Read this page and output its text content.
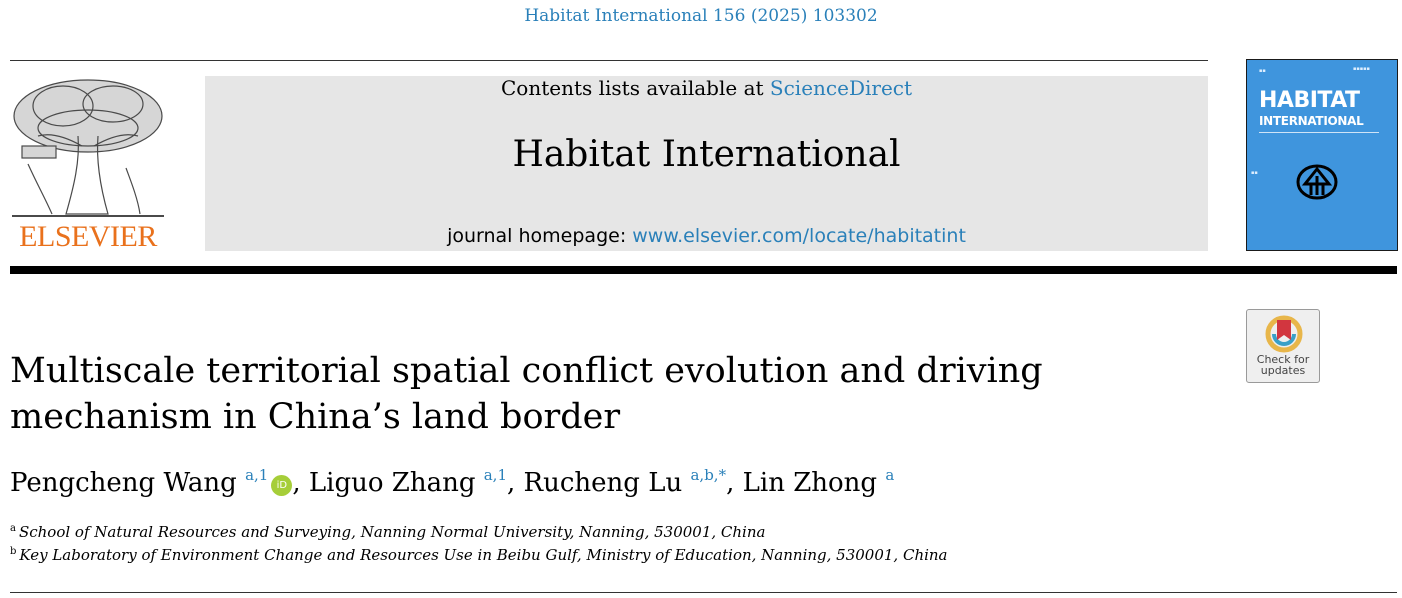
Habitat International 156 (2025) 103302
ELSEVIER
Contents lists available at ScienceDirect
Habitat International
journal homepage: www.elsevier.com/locate/habitatint
▪▪	▪▪▪▪▪
HABITAT
INTERNATIONAL
▪▪
Check for
updates
Multiscale territorial spatial conflict evolution and driving mechanism in China’s land border
Pengcheng Wang $^{a,1}$iD , Liguo Zhang $^{a,1}$, Rucheng Lu $^{a,b,*}$, Lin Zhong $^a$
$^a$ School of Natural Resources and Surveying, Nanning Normal University, Nanning, 530001, China
$^b$ Key Laboratory of Environment Change and Resources Use in Beibu Gulf, Ministry of Education, Nanning, 530001, China
